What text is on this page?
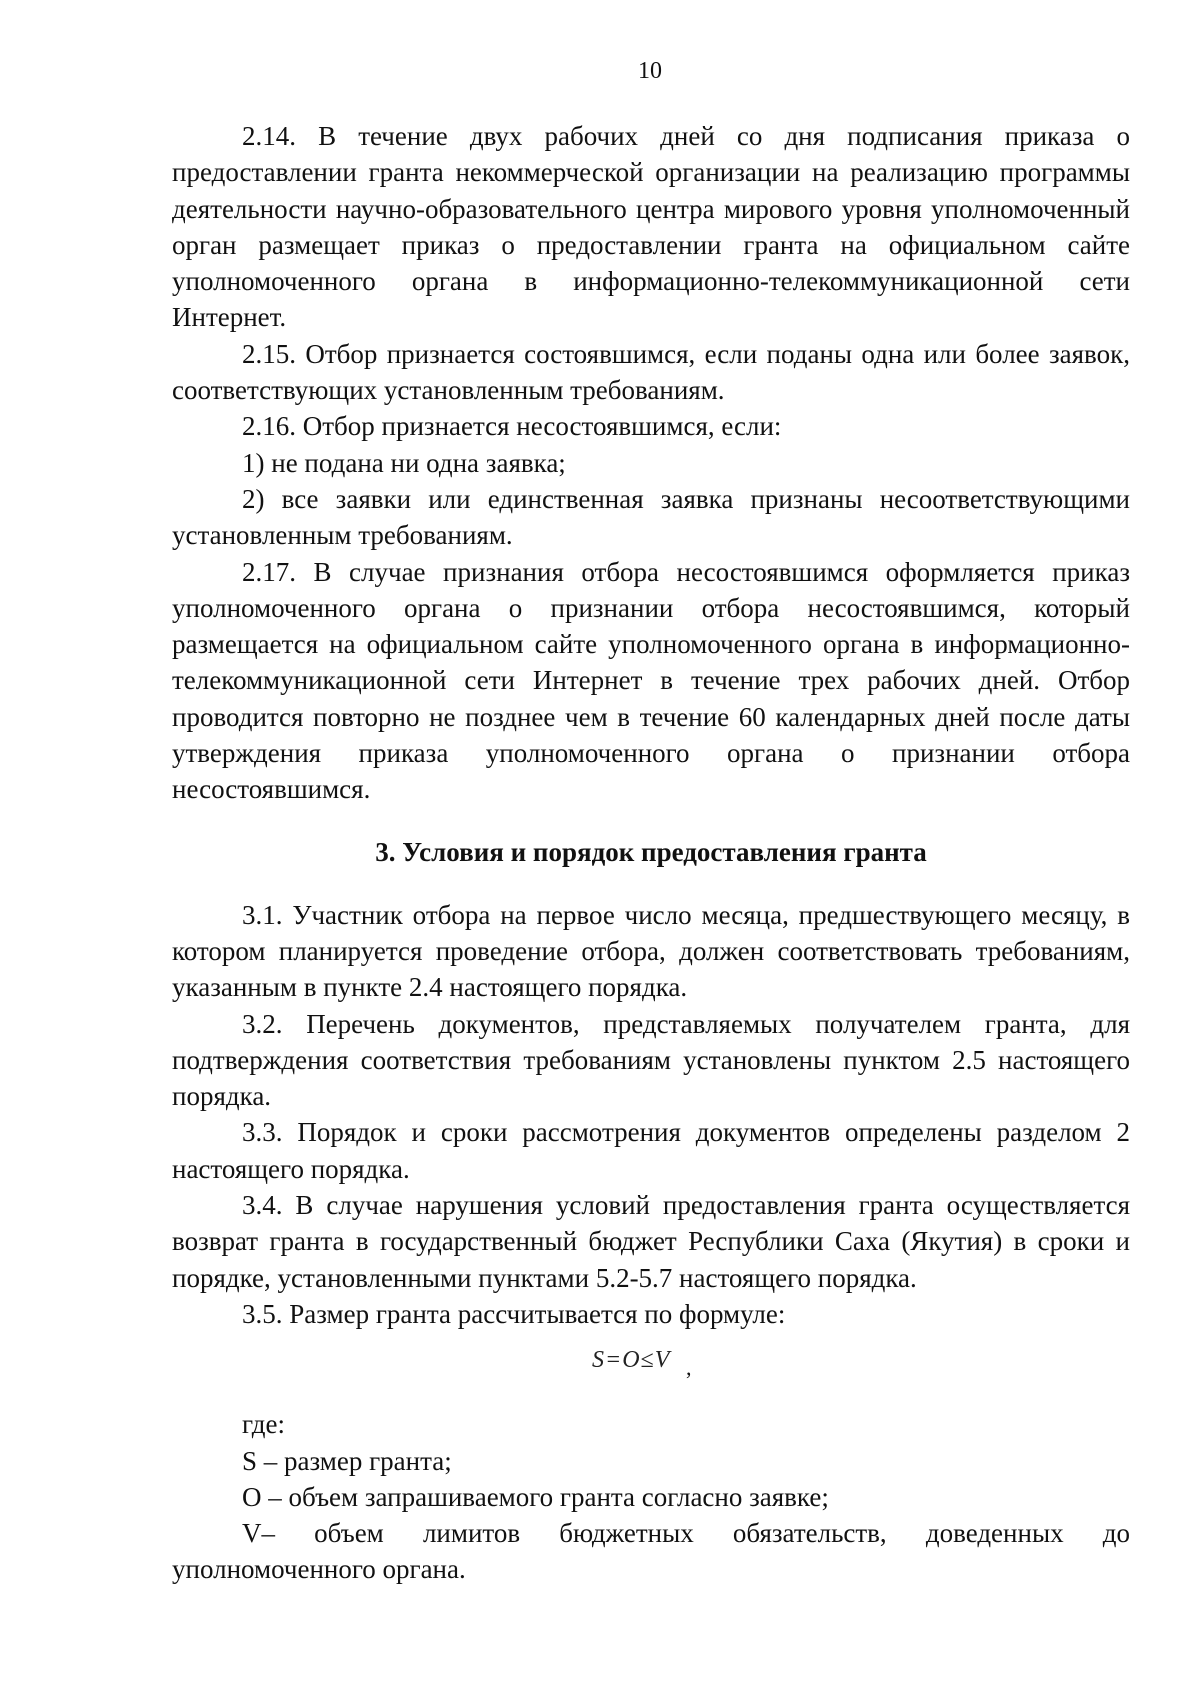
10

2.14. В течение двух рабочих дней со дня подписания приказа о предоставлении гранта некоммерческой организации на реализацию программы деятельности научно-образовательного центра мирового уровня уполномоченный орган размещает приказ о предоставлении гранта на официальном сайте уполномоченного органа в информационно-телекоммуникационной сети Интернет.

2.15. Отбор признается состоявшимся, если поданы одна или более заявок, соответствующих установленным требованиям.

2.16. Отбор признается несостоявшимся, если:

1) не подана ни одна заявка;

2) все заявки или единственная заявка признаны несоответствующими установленным требованиям.

2.17. В случае признания отбора несостоявшимся оформляется приказ уполномоченного органа о признании отбора несостоявшимся, который размещается на официальном сайте уполномоченного органа в информационно-телекоммуникационной сети Интернет в течение трех рабочих дней. Отбор проводится повторно не позднее чем в течение 60 календарных дней после даты утверждения приказа уполномоченного органа о признании отбора несостоявшимся.

3. Условия и порядок предоставления гранта

3.1. Участник отбора на первое число месяца, предшествующего месяцу, в котором планируется проведение отбора, должен соответствовать требованиям, указанным в пункте 2.4 настоящего порядка.

3.2. Перечень документов, представляемых получателем гранта, для подтверждения соответствия требованиям установлены пунктом 2.5 настоящего порядка.

3.3. Порядок и сроки рассмотрения документов определены разделом 2 настоящего порядка.

3.4. В случае нарушения условий предоставления гранта осуществляется возврат гранта в государственный бюджет Республики Саха (Якутия) в сроки и порядке, установленными пунктами 5.2-5.7 настоящего порядка.

3.5. Размер гранта рассчитывается по формуле:

S=O≤V ,

где:

S – размер гранта;

О – объем запрашиваемого гранта согласно заявке;

V– объем лимитов бюджетных обязательств, доведенных до уполномоченного органа.
